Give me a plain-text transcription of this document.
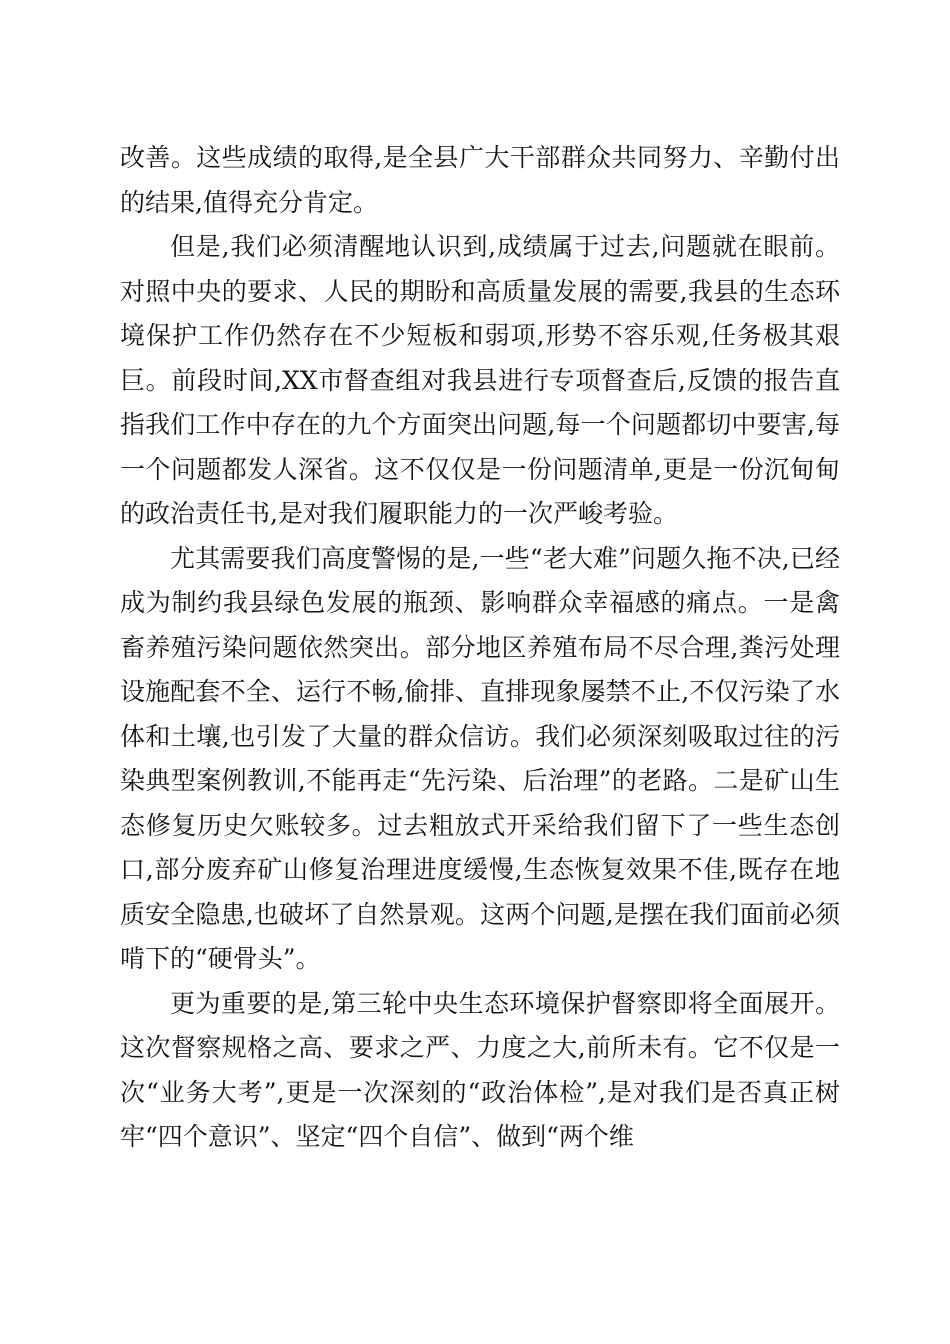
改善。这些成绩的取得,是全县广大干部群众共同努力、辛勤付出的结果,值得充分肯定。

但是,我们必须清醒地认识到,成绩属于过去,问题就在眼前。对照中央的要求、人民的期盼和高质量发展的需要,我县的生态环境保护工作仍然存在不少短板和弱项,形势不容乐观,任务极其艰巨。前段时间,XX市督查组对我县进行专项督查后,反馈的报告直指我们工作中存在的九个方面突出问题,每一个问题都切中要害,每一个问题都发人深省。这不仅仅是一份问题清单,更是一份沉甸甸的政治责任书,是对我们履职能力的一次严峻考验。

尤其需要我们高度警惕的是,一些“老大难”问题久拖不决,已经成为制约我县绿色发展的瓶颈、影响群众幸福感的痛点。一是禽畜养殖污染问题依然突出。部分地区养殖布局不尽合理,粪污处理设施配套不全、运行不畅,偷排、直排现象屡禁不止,不仅污染了水体和土壤,也引发了大量的群众信访。我们必须深刻吸取过往的污染典型案例教训,不能再走“先污染、后治理”的老路。二是矿山生态修复历史欠账较多。过去粗放式开采给我们留下了一些生态创口,部分废弃矿山修复治理进度缓慢,生态恢复效果不佳,既存在地质安全隐患,也破坏了自然景观。这两个问题,是摆在我们面前必须啃下的“硬骨头”。

更为重要的是,第三轮中央生态环境保护督察即将全面展开。这次督察规格之高、要求之严、力度之大,前所未有。它不仅是一次“业务大考”,更是一次深刻的“政治体检”,是对我们是否真正树牢“四个意识”、坚定“四个自信”、做到“两个维
